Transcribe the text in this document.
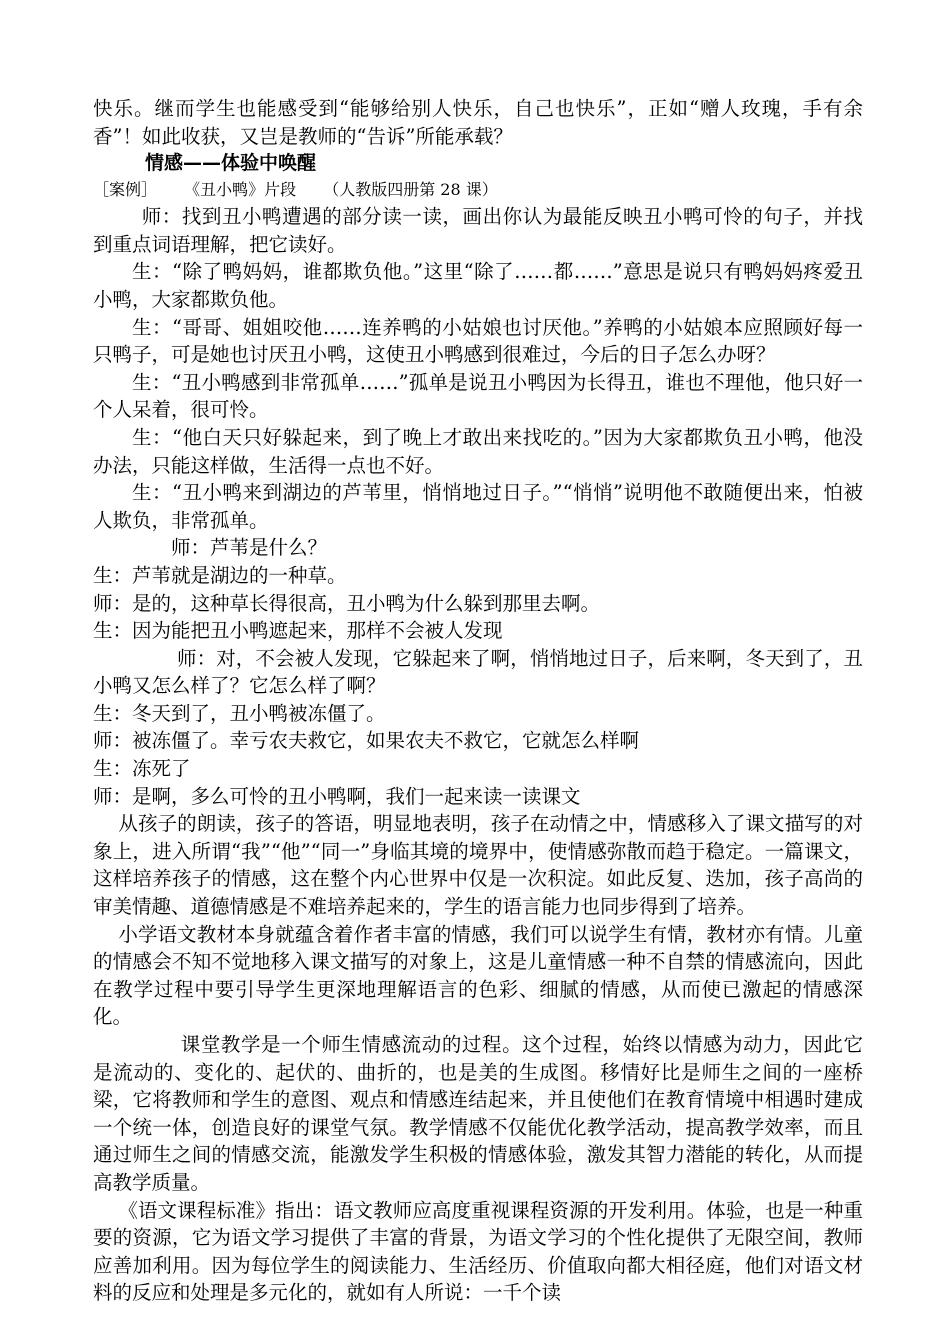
快乐。继而学生也能感受到“能够给别人快乐，自己也快乐”，正如“赠人玫瑰，手有余香”！如此收获，又岂是教师的“告诉”所能承载？

情感——体验中唤醒

［案例］ 《丑小鸭》片段 （人教版四册第 28 课）

师：找到丑小鸭遭遇的部分读一读，画出你认为最能反映丑小鸭可怜的句子，并找到重点词语理解，把它读好。

生：“除了鸭妈妈，谁都欺负他。”这里“除了……都……”意思是说只有鸭妈妈疼爱丑小鸭，大家都欺负他。

生：“哥哥、姐姐咬他……连养鸭的小姑娘也讨厌他。”养鸭的小姑娘本应照顾好每一只鸭子，可是她也讨厌丑小鸭，这使丑小鸭感到很难过，今后的日子怎么办呀？

生：“丑小鸭感到非常孤单……”孤单是说丑小鸭因为长得丑，谁也不理他，他只好一个人呆着，很可怜。

生：“他白天只好躲起来，到了晚上才敢出来找吃的。”因为大家都欺负丑小鸭，他没办法，只能这样做，生活得一点也不好。

生：“丑小鸭来到湖边的芦苇里，悄悄地过日子。”“悄悄”说明他不敢随便出来，怕被人欺负，非常孤单。

师：芦苇是什么？

生：芦苇就是湖边的一种草。

师：是的，这种草长得很高，丑小鸭为什么躲到那里去啊。

生：因为能把丑小鸭遮起来，那样不会被人发现

师：对，不会被人发现，它躲起来了啊，悄悄地过日子，后来啊，冬天到了，丑小鸭又怎么样了？它怎么样了啊？

生：冬天到了，丑小鸭被冻僵了。

师：被冻僵了。幸亏农夫救它，如果农夫不救它，它就怎么样啊

生：冻死了

师：是啊，多么可怜的丑小鸭啊，我们一起来读一读课文

从孩子的朗读，孩子的答语，明显地表明，孩子在动情之中，情感移入了课文描写的对象上，进入所谓“我”“他”“同一”身临其境的境界中，使情感弥散而趋于稳定。一篇课文，这样培养孩子的情感，这在整个内心世界中仅是一次积淀。如此反复、迭加，孩子高尚的审美情趣、道德情感是不难培养起来的，学生的语言能力也同步得到了培养。

小学语文教材本身就蕴含着作者丰富的情感，我们可以说学生有情，教材亦有情。儿童的情感会不知不觉地移入课文描写的对象上，这是儿童情感一种不自禁的情感流向，因此在教学过程中要引导学生更深地理解语言的色彩、细腻的情感，从而使已激起的情感深化。

课堂教学是一个师生情感流动的过程。这个过程，始终以情感为动力，因此它是流动的、变化的、起伏的、曲折的，也是美的生成图。移情好比是师生之间的一座桥梁，它将教师和学生的意图、观点和情感连结起来，并且使他们在教育情境中相遇时建成一个统一体，创造良好的课堂气氛。教学情感不仅能优化教学活动，提高教学效率，而且通过师生之间的情感交流，能激发学生积极的情感体验，激发其智力潜能的转化，从而提高教学质量。

《语文课程标准》指出：语文教师应高度重视课程资源的开发利用。体验，也是一种重要的资源，它为语文学习提供了丰富的背景，为语文学习的个性化提供了无限空间，教师应善加利用。因为每位学生的阅读能力、生活经历、价值取向都大相径庭，他们对语文材料的反应和处理是多元化的，就如有人所说：一千个读
